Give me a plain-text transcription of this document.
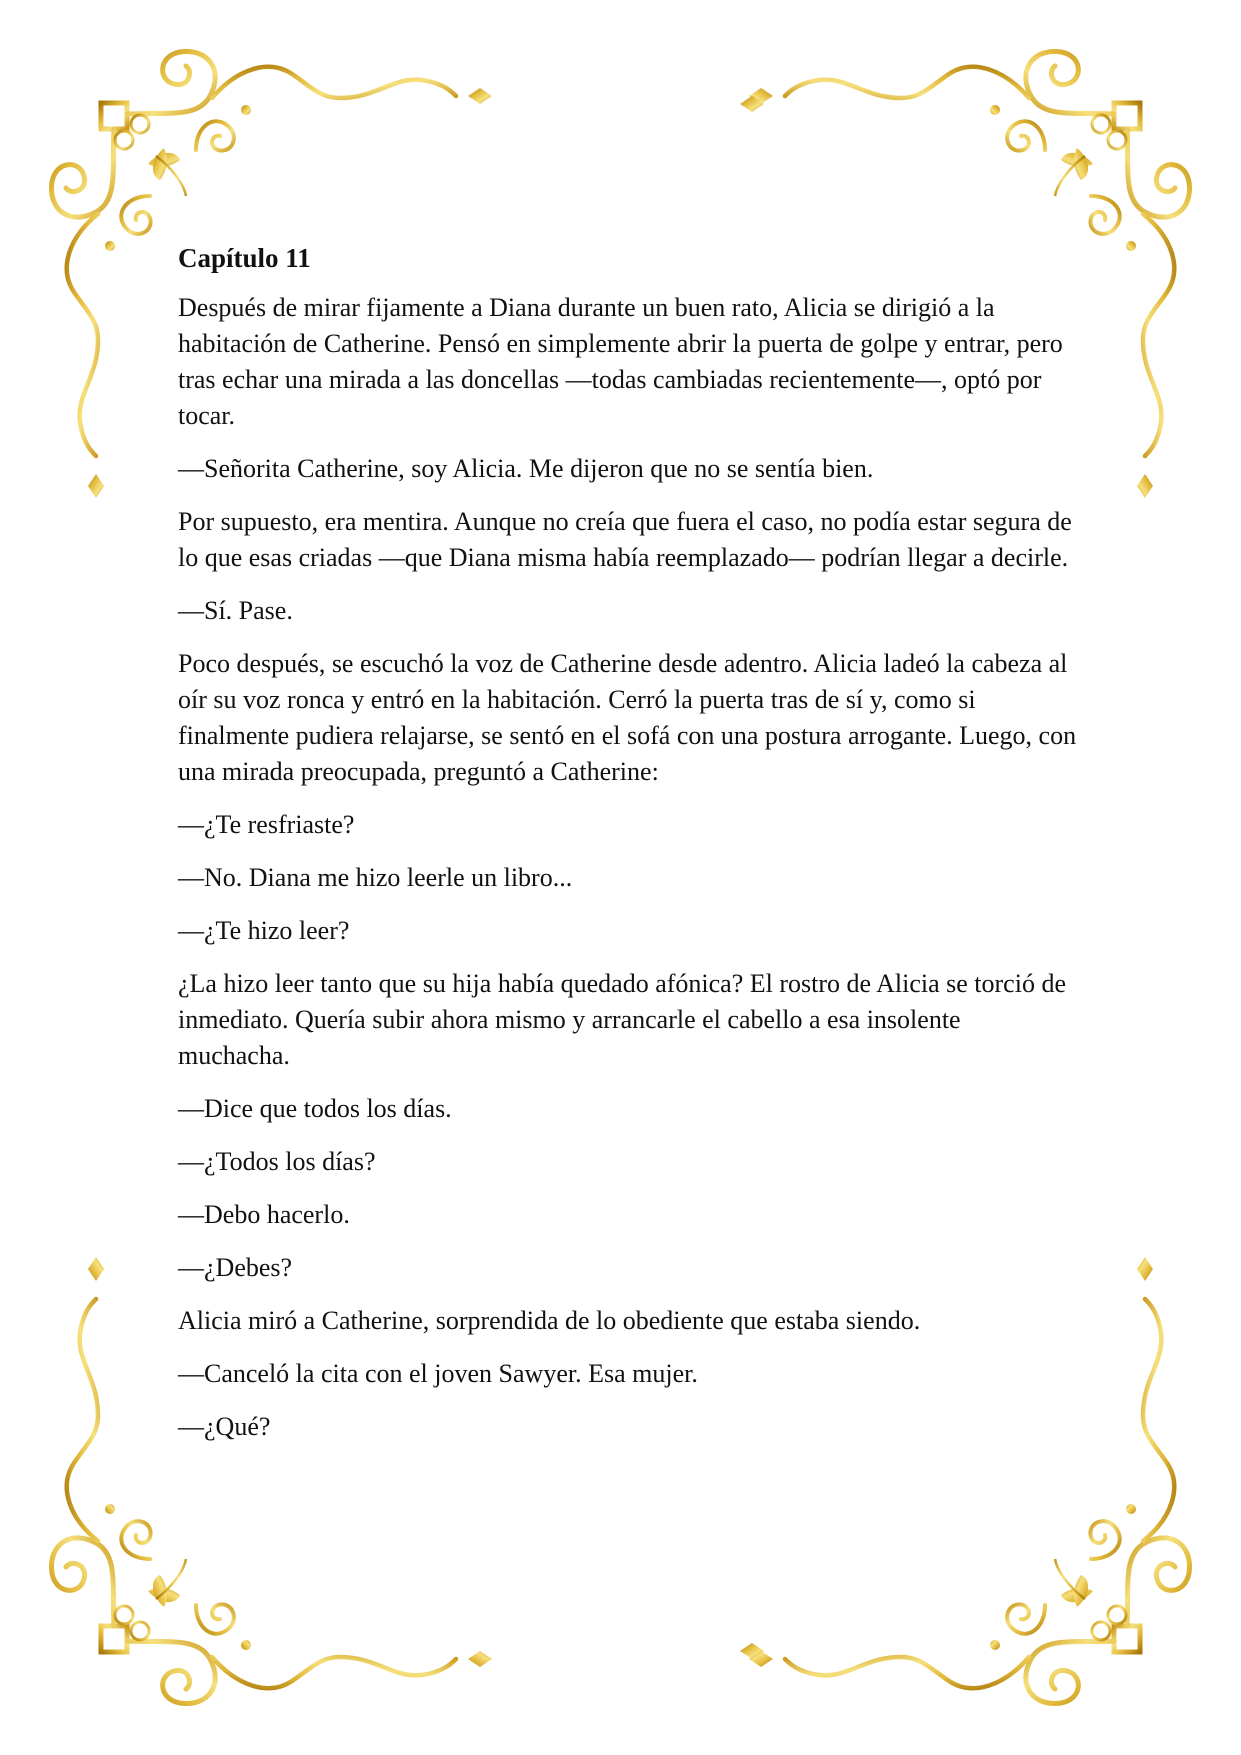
Capítulo 11

Después de mirar fijamente a Diana durante un buen rato, Alicia se dirigió a la habitación de Catherine. Pensó en simplemente abrir la puerta de golpe y entrar, pero tras echar una mirada a las doncellas —todas cambiadas recientemente—, optó por tocar.

—Señorita Catherine, soy Alicia. Me dijeron que no se sentía bien.

Por supuesto, era mentira. Aunque no creía que fuera el caso, no podía estar segura de lo que esas criadas —que Diana misma había reemplazado— podrían llegar a decirle.

—Sí. Pase.

Poco después, se escuchó la voz de Catherine desde adentro. Alicia ladeó la cabeza al oír su voz ronca y entró en la habitación. Cerró la puerta tras de sí y, como si finalmente pudiera relajarse, se sentó en el sofá con una postura arrogante. Luego, con una mirada preocupada, preguntó a Catherine:

—¿Te resfriaste?

—No. Diana me hizo leerle un libro...

—¿Te hizo leer?

¿La hizo leer tanto que su hija había quedado afónica? El rostro de Alicia se torció de inmediato. Quería subir ahora mismo y arrancarle el cabello a esa insolente muchacha.

—Dice que todos los días.

—¿Todos los días?

—Debo hacerlo.

—¿Debes?

Alicia miró a Catherine, sorprendida de lo obediente que estaba siendo.

—Canceló la cita con el joven Sawyer. Esa mujer.

—¿Qué?
